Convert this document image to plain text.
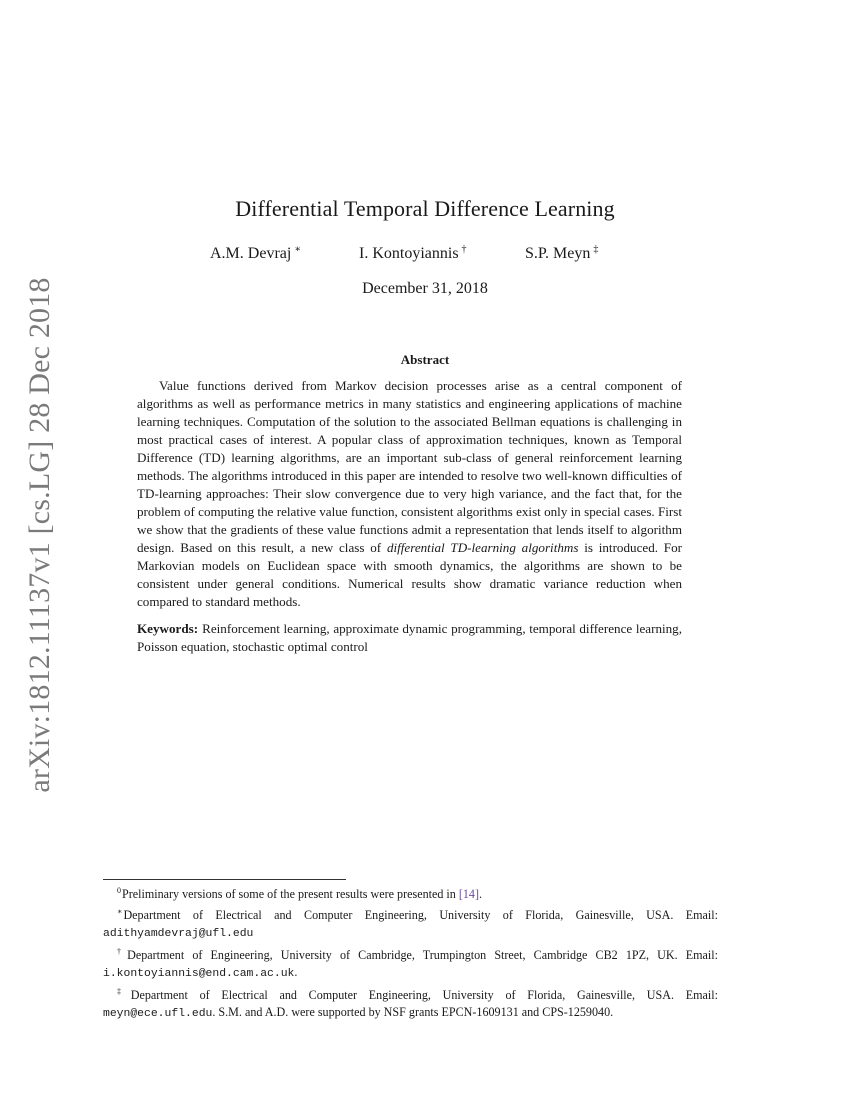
arXiv:1812.11137v1 [cs.LG] 28 Dec 2018
Differential Temporal Difference Learning
A.M. Devraj ∗	I. Kontoyiannis †	S.P. Meyn ‡
December 31, 2018
Abstract
Value functions derived from Markov decision processes arise as a central component of algorithms as well as performance metrics in many statistics and engineering applications of machine learning techniques. Computation of the solution to the associated Bellman equations is challenging in most practical cases of interest. A popular class of approximation techniques, known as Temporal Difference (TD) learning algorithms, are an important sub-class of general reinforcement learning methods. The algorithms introduced in this paper are intended to resolve two well-known difficulties of TD-learning approaches: Their slow convergence due to very high variance, and the fact that, for the problem of computing the relative value function, consistent algorithms exist only in special cases. First we show that the gradients of these value functions admit a representation that lends itself to algorithm design. Based on this result, a new class of differential TD-learning algorithms is introduced. For Markovian models on Euclidean space with smooth dynamics, the algorithms are shown to be consistent under general conditions. Numerical results show dramatic variance reduction when compared to standard methods.
Keywords: Reinforcement learning, approximate dynamic programming, temporal difference learning, Poisson equation, stochastic optimal control

$^0$Preliminary versions of some of the present results were presented in [14].

∗Department of Electrical and Computer Engineering, University of Florida, Gainesville, USA. Email: adithyamdevraj@ufl.edu

†Department of Engineering, University of Cambridge, Trumpington Street, Cambridge CB2 1PZ, UK. Email: i.kontoyiannis@end.cam.ac.uk.

‡Department of Electrical and Computer Engineering, University of Florida, Gainesville, USA. Email: meyn@ece.ufl.edu. S.M. and A.D. were supported by NSF grants EPCN-1609131 and CPS-1259040.
